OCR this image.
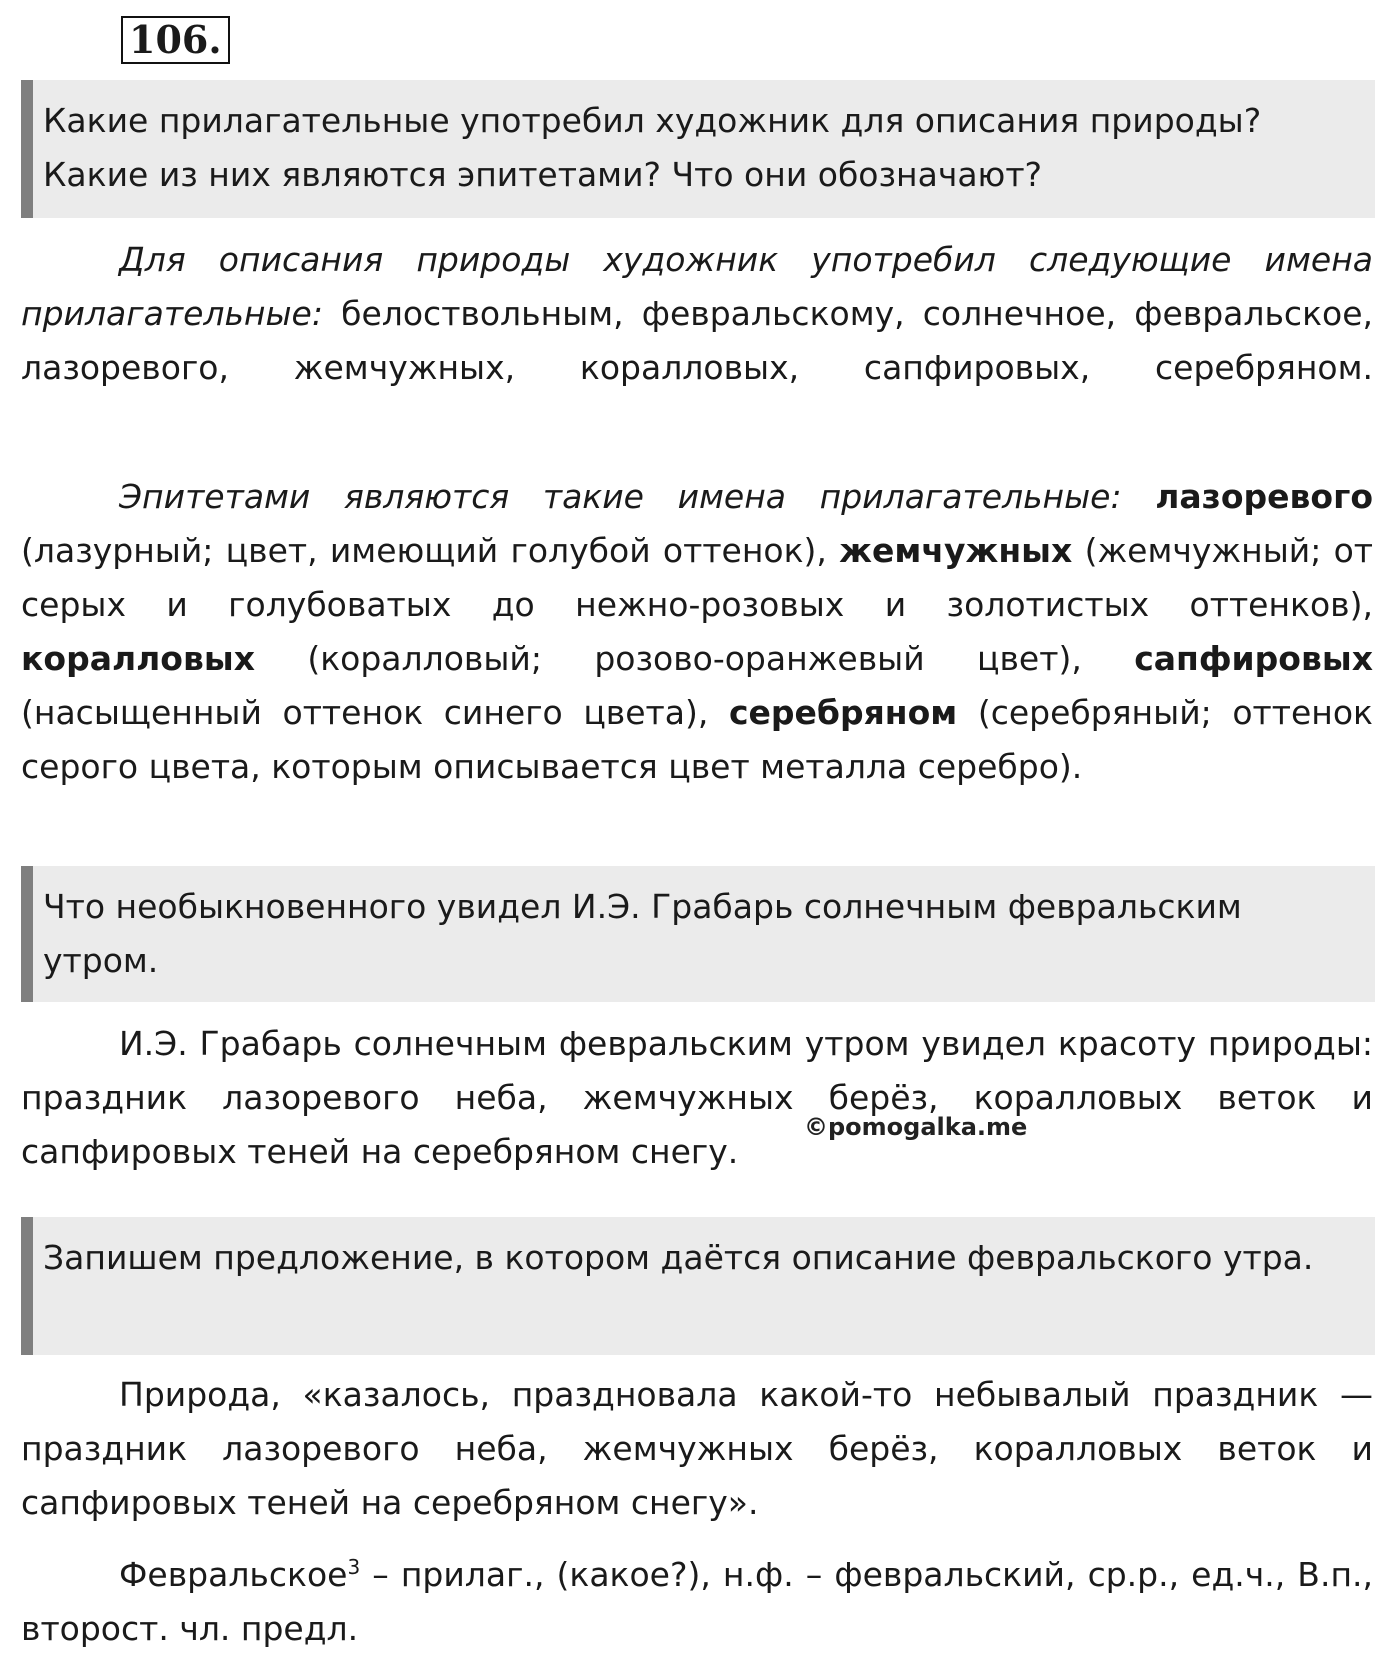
106.
Какие прилагательные употребил художник для описания природы?
Какие из них являются эпитетами? Что они обозначают?
Для описания природы художник употребил следующие имена прилагательные: белоствольным, февральскому, солнечное, февральское, лазоревого, жемчужных, коралловых, сапфировых, серебряном.
Эпитетами являются такие имена прилагательные: лазоревого (лазурный; цвет, имеющий голубой оттенок), жемчужных (жемчужный; от серых и голубоватых до нежно-розовых и золотистых оттенков), коралловых (коралловый; розово-оранжевый цвет), сапфировых (насыщенный оттенок синего цвета), серебряном (серебряный; оттенок серого цвета, которым описывается цвет металла серебро).
Что необыкновенного увидел И.Э. Грабарь солнечным февральским утром.
И.Э. Грабарь солнечным февральским утром увидел красоту природы: праздник лазоревого неба, жемчужных берёз, коралловых веток и сапфировых теней на серебряном снегу.
©pomogalka.me
Запишем предложение, в котором даётся описание февральского утра.
Природа, «казалось, праздновала какой-то небывалый праздник — праздник лазоревого неба, жемчужных берёз, коралловых веток и сапфировых теней на серебряном снегу».
Февральское$^3$ – прилаг., (какое?), н.ф. – февральский, ср.р., ед.ч., В.п., второст. чл. предл.
